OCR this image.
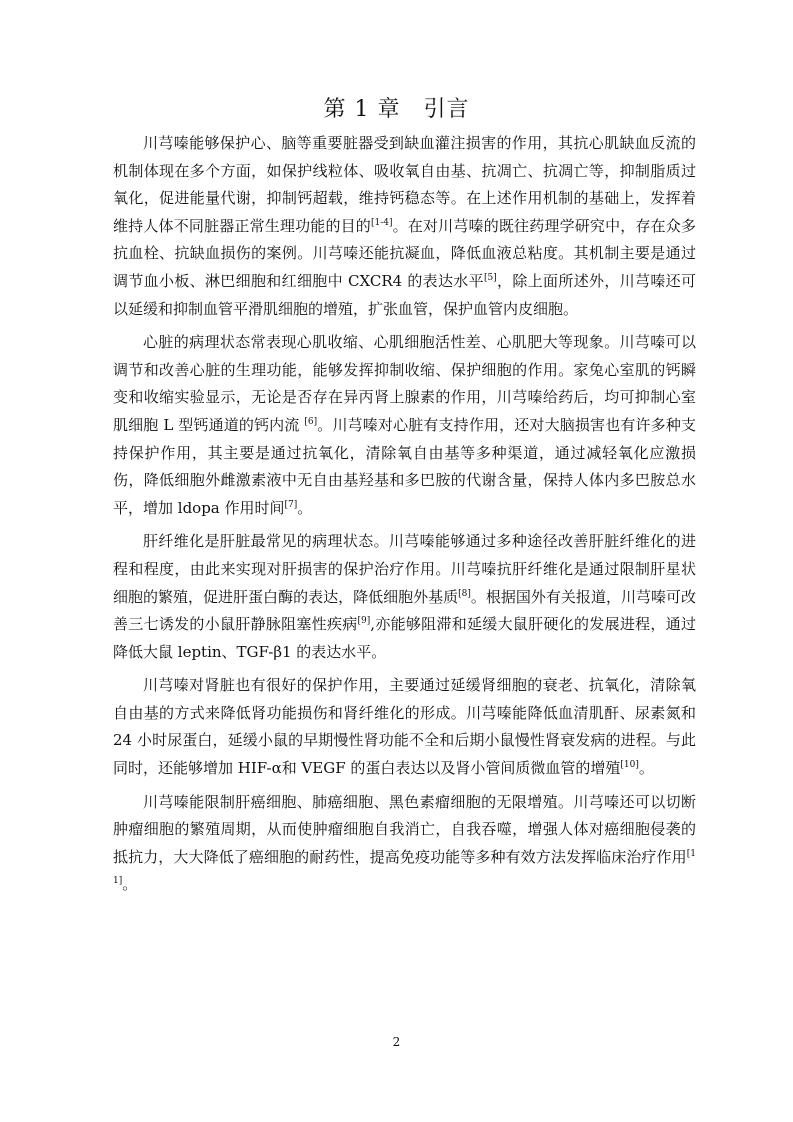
第 1 章　引言

川芎嗪能够保护心、脑等重要脏器受到缺血灌注损害的作用，其抗心肌缺血反流的机制体现在多个方面，如保护线粒体、吸收氧自由基、抗凋亡、抗凋亡等，抑制脂质过氧化，促进能量代谢，抑制钙超载，维持钙稳态等。在上述作用机制的基础上，发挥着维持人体不同脏器正常生理功能的目的[1-4]。在对川芎嗪的既往药理学研究中，存在众多抗血栓、抗缺血损伤的案例。川芎嗪还能抗凝血，降低血液总粘度。其机制主要是通过调节血小板、淋巴细胞和红细胞中 CXCR4 的表达水平[5]，除上面所述外，川芎嗪还可以延缓和抑制血管平滑肌细胞的增殖，扩张血管，保护血管内皮细胞。

心脏的病理状态常表现心肌收缩、心肌细胞活性差、心肌肥大等现象。川芎嗪可以调节和改善心脏的生理功能，能够发挥抑制收缩、保护细胞的作用。家兔心室肌的钙瞬变和收缩实验显示，无论是否存在异丙肾上腺素的作用，川芎嗪给药后，均可抑制心室肌细胞 L 型钙通道的钙内流 [6]。川芎嗪对心脏有支持作用，还对大脑损害也有许多种支持保护作用，其主要是通过抗氧化，清除氧自由基等多种渠道，通过减轻氧化应激损伤，降低细胞外雌激素液中无自由基羟基和多巴胺的代谢含量，保持人体内多巴胺总水平，增加 ldopa 作用时间[7]。

肝纤维化是肝脏最常见的病理状态。川芎嗪能够通过多种途径改善肝脏纤维化的进程和程度，由此来实现对肝损害的保护治疗作用。川芎嗪抗肝纤维化是通过限制肝星状细胞的繁殖，促进肝蛋白酶的表达，降低细胞外基质[8]。根据国外有关报道，川芎嗪可改善三七诱发的小鼠肝静脉阻塞性疾病[9],亦能够阻滞和延缓大鼠肝硬化的发展进程，通过降低大鼠 leptin、TGF-β1 的表达水平。

川芎嗪对肾脏也有很好的保护作用，主要通过延缓肾细胞的衰老、抗氧化，清除氧自由基的方式来降低肾功能损伤和肾纤维化的形成。川芎嗪能降低血清肌酐、尿素氮和 24 小时尿蛋白，延缓小鼠的早期慢性肾功能不全和后期小鼠慢性肾衰发病的进程。与此同时，还能够增加 HIF-α和 VEGF 的蛋白表达以及肾小管间质微血管的增殖[10]。

川芎嗪能限制肝癌细胞、肺癌细胞、黑色素瘤细胞的无限增殖。川芎嗪还可以切断肿瘤细胞的繁殖周期，从而使肿瘤细胞自我消亡，自我吞噬，增强人体对癌细胞侵袭的抵抗力，大大降低了癌细胞的耐药性，提高免疫功能等多种有效方法发挥临床治疗作用[11]。

2
